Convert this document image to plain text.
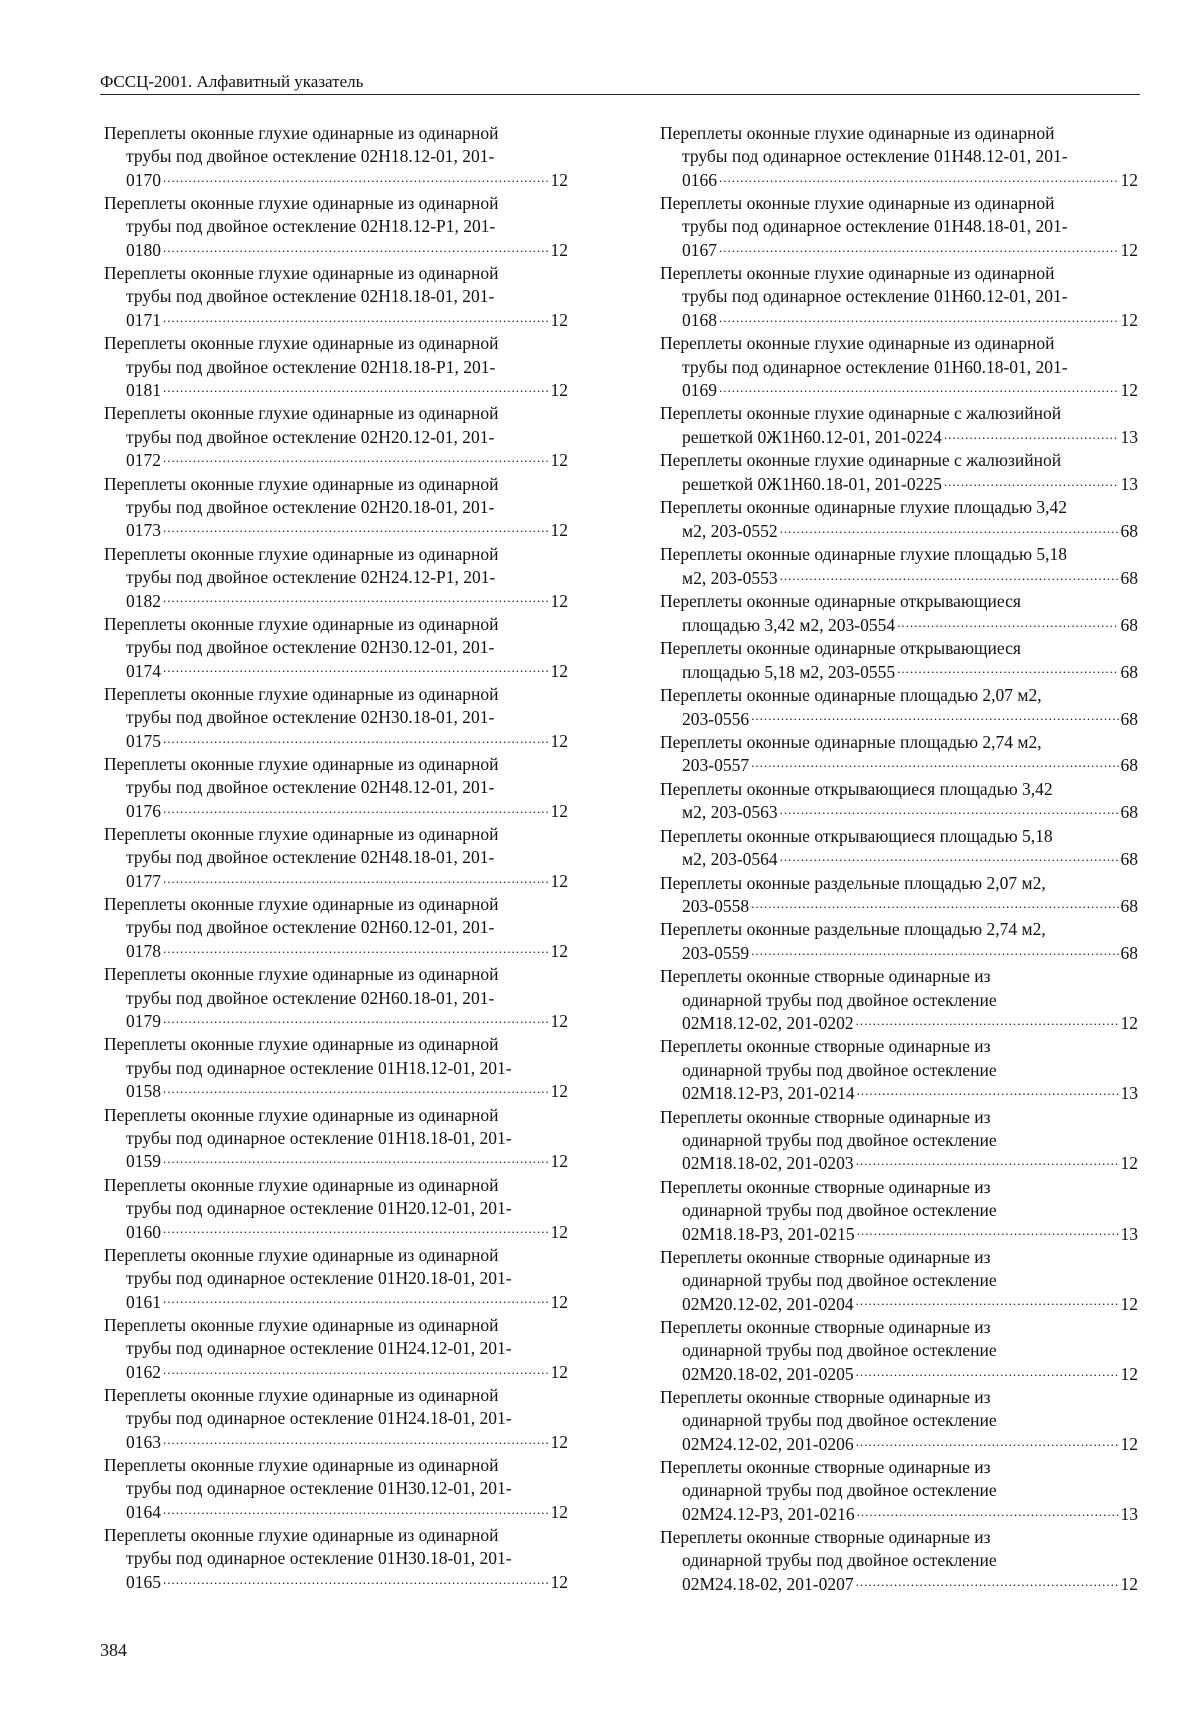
ФССЦ-2001. Алфавитный указатель
Переплеты оконные глухие одинарные из одинарной
трубы под двойное остекление 02Н18.12-01, 201-
0170 .....	12
Переплеты оконные глухие одинарные из одинарной
трубы под двойное остекление 02Н18.12-Р1, 201-
0180 .....	12
Переплеты оконные глухие одинарные из одинарной
трубы под двойное остекление 02Н18.18-01, 201-
0171 .....	12
Переплеты оконные глухие одинарные из одинарной
трубы под двойное остекление 02Н18.18-Р1, 201-
0181 .....	12
Переплеты оконные глухие одинарные из одинарной
трубы под двойное остекление 02Н20.12-01, 201-
0172 .....	12
Переплеты оконные глухие одинарные из одинарной
трубы под двойное остекление 02Н20.18-01, 201-
0173 .....	12
Переплеты оконные глухие одинарные из одинарной
трубы под двойное остекление 02Н24.12-Р1, 201-
0182 .....	12
Переплеты оконные глухие одинарные из одинарной
трубы под двойное остекление 02Н30.12-01, 201-
0174 .....	12
Переплеты оконные глухие одинарные из одинарной
трубы под двойное остекление 02Н30.18-01, 201-
0175 .....	12
Переплеты оконные глухие одинарные из одинарной
трубы под двойное остекление 02Н48.12-01, 201-
0176 .....	12
Переплеты оконные глухие одинарные из одинарной
трубы под двойное остекление 02Н48.18-01, 201-
0177 .....	12
Переплеты оконные глухие одинарные из одинарной
трубы под двойное остекление 02Н60.12-01, 201-
0178 .....	12
Переплеты оконные глухие одинарные из одинарной
трубы под двойное остекление 02Н60.18-01, 201-
0179 .....	12
Переплеты оконные глухие одинарные из одинарной
трубы под одинарное остекление 01Н18.12-01, 201-
0158 .....	12
Переплеты оконные глухие одинарные из одинарной
трубы под одинарное остекление 01Н18.18-01, 201-
0159 .....	12
Переплеты оконные глухие одинарные из одинарной
трубы под одинарное остекление 01Н20.12-01, 201-
0160 .....	12
Переплеты оконные глухие одинарные из одинарной
трубы под одинарное остекление 01Н20.18-01, 201-
0161 .....	12
Переплеты оконные глухие одинарные из одинарной
трубы под одинарное остекление 01Н24.12-01, 201-
0162 .....	12
Переплеты оконные глухие одинарные из одинарной
трубы под одинарное остекление 01Н24.18-01, 201-
0163 .....	12
Переплеты оконные глухие одинарные из одинарной
трубы под одинарное остекление 01Н30.12-01, 201-
0164 .....	12
Переплеты оконные глухие одинарные из одинарной
трубы под одинарное остекление 01Н30.18-01, 201-
0165 .....	12
Переплеты оконные глухие одинарные из одинарной
трубы под одинарное остекление 01Н48.12-01, 201-
0166 .....	12
Переплеты оконные глухие одинарные из одинарной
трубы под одинарное остекление 01Н48.18-01, 201-
0167 .....	12
Переплеты оконные глухие одинарные из одинарной
трубы под одинарное остекление 01Н60.12-01, 201-
0168 .....	12
Переплеты оконные глухие одинарные из одинарной
трубы под одинарное остекление 01Н60.18-01, 201-
0169 .....	12
Переплеты оконные глухие одинарные с жалюзийной
решеткой 0Ж1Н60.12-01, 201-0224 .....	13
Переплеты оконные глухие одинарные с жалюзийной
решеткой 0Ж1Н60.18-01, 201-0225 .....	13
Переплеты оконные одинарные глухие площадью 3,42
м2, 203-0552 .....	68
Переплеты оконные одинарные глухие площадью 5,18
м2, 203-0553 .....	68
Переплеты оконные одинарные открывающиеся
площадью 3,42 м2, 203-0554 .....	68
Переплеты оконные одинарные открывающиеся
площадью 5,18 м2, 203-0555 .....	68
Переплеты оконные одинарные площадью 2,07 м2,
203-0556 .....	68
Переплеты оконные одинарные площадью 2,74 м2,
203-0557 .....	68
Переплеты оконные открывающиеся площадью 3,42
м2, 203-0563 .....	68
Переплеты оконные открывающиеся площадью 5,18
м2, 203-0564 .....	68
Переплеты оконные раздельные площадью 2,07 м2,
203-0558 .....	68
Переплеты оконные раздельные площадью 2,74 м2,
203-0559 .....	68
Переплеты оконные створные одинарные из
одинарной трубы под двойное остекление
02М18.12-02, 201-0202 .....	12
Переплеты оконные створные одинарные из
одинарной трубы под двойное остекление
02М18.12-Р3, 201-0214 .....	13
Переплеты оконные створные одинарные из
одинарной трубы под двойное остекление
02М18.18-02, 201-0203 .....	12
Переплеты оконные створные одинарные из
одинарной трубы под двойное остекление
02М18.18-Р3, 201-0215 .....	13
Переплеты оконные створные одинарные из
одинарной трубы под двойное остекление
02М20.12-02, 201-0204 .....	12
Переплеты оконные створные одинарные из
одинарной трубы под двойное остекление
02М20.18-02, 201-0205 .....	12
Переплеты оконные створные одинарные из
одинарной трубы под двойное остекление
02М24.12-02, 201-0206 .....	12
Переплеты оконные створные одинарные из
одинарной трубы под двойное остекление
02М24.12-Р3, 201-0216 .....	13
Переплеты оконные створные одинарные из
одинарной трубы под двойное остекление
02М24.18-02, 201-0207 .....	12
384
